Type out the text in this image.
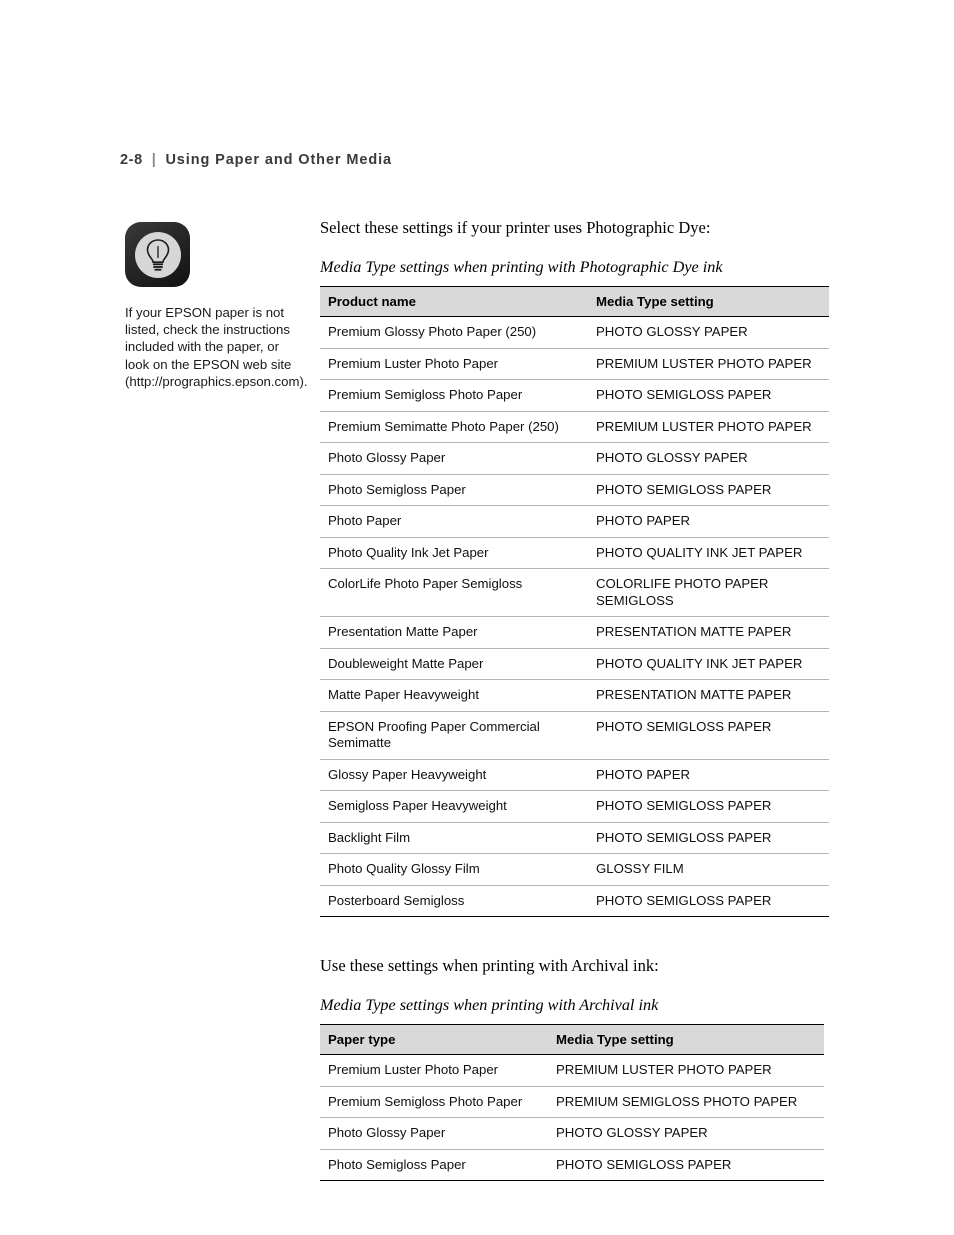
2-8 | Using Paper and Other Media
If your EPSON paper is not listed, check the instructions included with the paper, or look on the EPSON web site (http://prographics.epson.com).

Select these settings if your printer uses Photographic Dye:

Media Type settings when printing with Photographic Dye ink

Product name	Media Type setting
Premium Glossy Photo Paper (250)	PHOTO GLOSSY PAPER
Premium Luster Photo Paper	PREMIUM LUSTER PHOTO PAPER
Premium Semigloss Photo Paper	PHOTO SEMIGLOSS PAPER
Premium Semimatte Photo Paper (250)	PREMIUM LUSTER PHOTO PAPER
Photo Glossy Paper	PHOTO GLOSSY PAPER
Photo Semigloss Paper	PHOTO SEMIGLOSS PAPER
Photo Paper	PHOTO PAPER
Photo Quality Ink Jet Paper	PHOTO QUALITY INK JET PAPER
ColorLife Photo Paper Semigloss	COLORLIFE PHOTO PAPER SEMIGLOSS
Presentation Matte Paper	PRESENTATION MATTE PAPER
Doubleweight Matte Paper	PHOTO QUALITY INK JET PAPER
Matte Paper Heavyweight	PRESENTATION MATTE PAPER
EPSON Proofing Paper Commercial Semimatte	PHOTO SEMIGLOSS PAPER
Glossy Paper Heavyweight	PHOTO PAPER
Semigloss Paper Heavyweight	PHOTO SEMIGLOSS PAPER
Backlight Film	PHOTO SEMIGLOSS PAPER
Photo Quality Glossy Film	GLOSSY FILM
Posterboard Semigloss	PHOTO SEMIGLOSS PAPER

Use these settings when printing with Archival ink:

Media Type settings when printing with Archival ink

Paper type	Media Type setting
Premium Luster Photo Paper	PREMIUM LUSTER PHOTO PAPER
Premium Semigloss Photo Paper	PREMIUM SEMIGLOSS PHOTO PAPER
Photo Glossy Paper	PHOTO GLOSSY PAPER
Photo Semigloss Paper	PHOTO SEMIGLOSS PAPER
